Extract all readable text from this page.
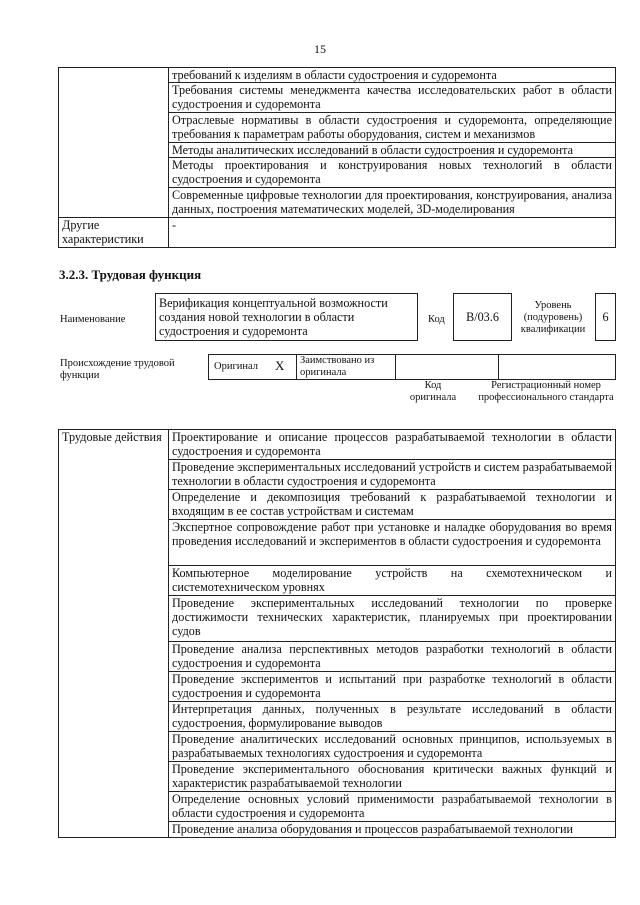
15
	требований к изделиям в области судостроения и судоремонта
	Требования системы менеджмента качества исследовательских работ в области судостроения и судоремонта
	Отраслевые нормативы в области судостроения и судоремонта, определяющие требования к параметрам работы оборудования, систем и механизмов
	Методы аналитических исследований в области судостроения и судоремонта
	Методы проектирования и конструирования новых технологий в области судостроения и судоремонта
	Современные цифровые технологии для проектирования, конструирования, анализа данных, построения математических моделей, 3D-моделирования
Другие характеристики	-
3.2.3. Трудовая функция
Наименование
Верификация концептуальной возможности создания новой технологии в области судостроения и судоремонта
Код	В/03.6
Уровень (подуровень) квалификации
6
Происхождение трудовой функции
Оригинал X Заимствовано из оригинала
Код оригинала
Регистрационный номер профессионального стандарта
Трудовые действия	Проектирование и описание процессов разрабатываемой технологии в области судостроения и судоремонта
Проведение экспериментальных исследований устройств и систем разрабатываемой технологии в области судостроения и судоремонта
Определение и декомпозиция требований к разрабатываемой технологии и входящим в ее состав устройствам и системам
Экспертное сопровождение работ при установке и наладке оборудования во время проведения исследований и экспериментов в области судостроения и судоремонта
Компьютерное моделирование устройств на схемотехническом и системотехническом уровнях
Проведение экспериментальных исследований технологии по проверке достижимости технических характеристик, планируемых при проектировании судов
Проведение анализа перспективных методов разработки технологий в области судостроения и судоремонта
Проведение экспериментов и испытаний при разработке технологий в области судостроения и судоремонта
Интерпретация данных, полученных в результате исследований в области судостроения, формулирование выводов
Проведение аналитических исследований основных принципов, используемых в разрабатываемых технологиях судостроения и судоремонта
Проведение экспериментального обоснования критически важных функций и характеристик разрабатываемой технологии
Определение основных условий применимости разрабатываемой технологии в области судостроения и судоремонта
Проведение анализа оборудования и процессов разрабатываемой технологии
